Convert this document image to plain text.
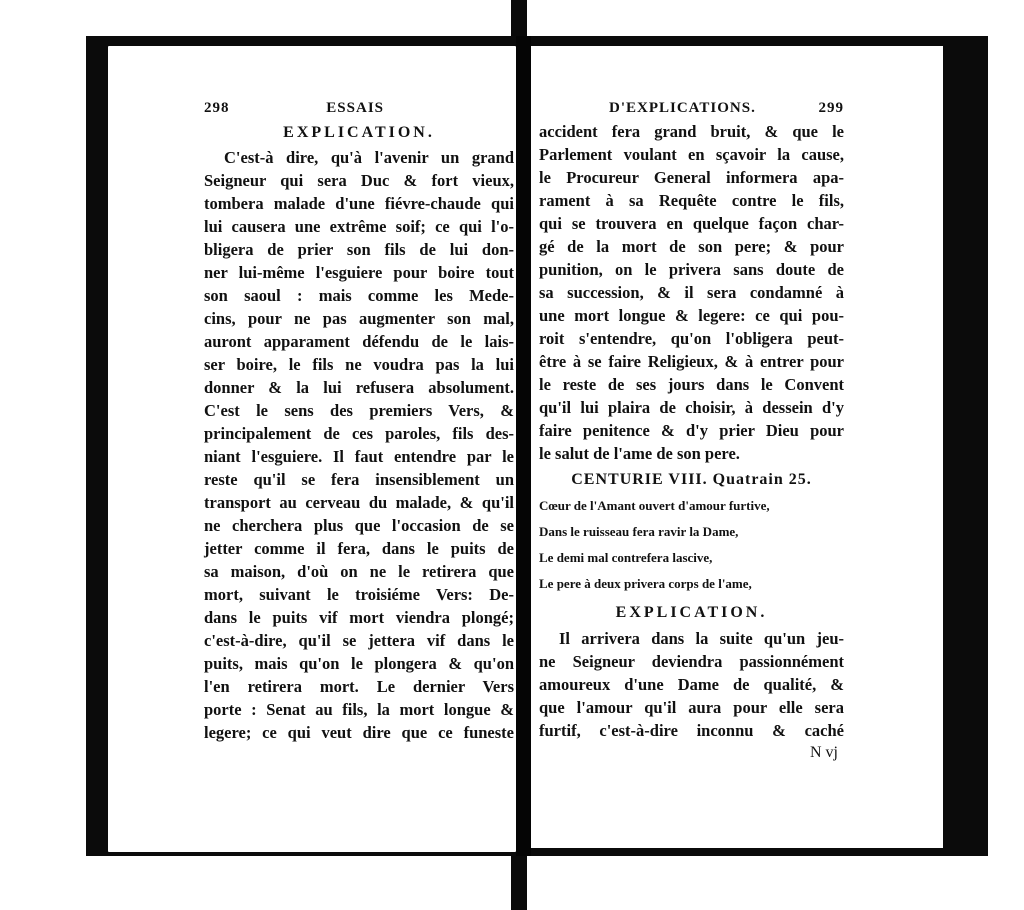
298	ESSAIS
EXPLICATION.
C'est-à dire, qu'à l'avenir un grand
Seigneur qui sera Duc & fort vieux,
tombera malade d'une fiévre-chaude qui
lui causera une extrême soif; ce qui l'o-
bligera de prier son fils de lui don-
ner lui-même l'esguiere pour boire tout
son saoul : mais comme les Mede-
cins, pour ne pas augmenter son mal,
auront apparament défendu de le lais-
ser boire, le fils ne voudra pas la lui
donner & la lui refusera absolument.
C'est le sens des premiers Vers, &
principalement de ces paroles, fils des-
niant l'esguiere. Il faut entendre par le
reste qu'il se fera insensiblement un
transport au cerveau du malade, & qu'il
ne cherchera plus que l'occasion de se
jetter comme il fera, dans le puits de
sa maison, d'où on ne le retirera que
mort, suivant le troisiéme Vers: De-
dans le puits vif mort viendra plongé;
c'est-à-dire, qu'il se jettera vif dans le
puits, mais qu'on le plongera & qu'on
l'en retirera mort. Le dernier Vers
porte : Senat au fils, la mort longue &
legere; ce qui veut dire que ce funeste
D'EXPLICATIONS.	299
accident fera grand bruit, & que le
Parlement voulant en sçavoir la cause,
le Procureur General informera apa-
rament à sa Requête contre le fils,
qui se trouvera en quelque façon char-
gé de la mort de son pere; & pour
punition, on le privera sans doute de
sa succession, & il sera condamné à
une mort longue & legere: ce qui pou-
roit s'entendre, qu'on l'obligera peut-
être à se faire Religieux, & à entrer pour
le reste de ses jours dans le Convent
qu'il lui plaira de choisir, à dessein d'y
faire penitence & d'y prier Dieu pour
le salut de l'ame de son pere.
CENTURIE VIII. Quatrain 25.
Cœur de l'Amant ouvert d'amour furtive,
Dans le ruisseau fera ravir la Dame,
Le demi mal contrefera lascive,
Le pere à deux privera corps de l'ame,
EXPLICATION.
Il arrivera dans la suite qu'un jeu-
ne Seigneur deviendra passionnément
amoureux d'une Dame de qualité, &
que l'amour qu'il aura pour elle sera
furtif, c'est-à-dire inconnu & caché
N vj
